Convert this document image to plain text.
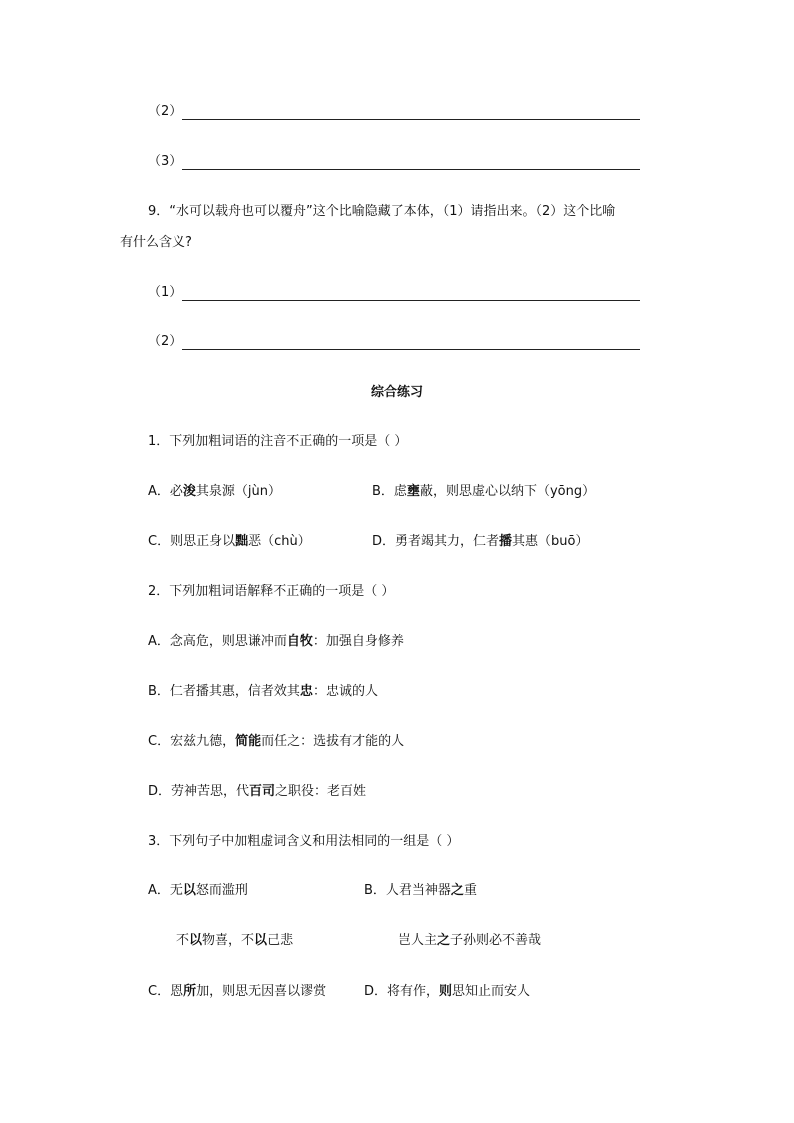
（2）
（3）
9．“水可以载舟也可以覆舟”这个比喻隐藏了本体，（1）请指出来。（2）这个比喻
有什么含义?
（1）
（2）
综合练习
1．下列加粗词语的注音不正确的一项是（ ）
A．必浚其泉源（jùn）	B．虑壅蔽，则思虚心以纳下（yōng）
C．则思正身以黜恶（chù）	D．勇者竭其力，仁者播其惠（buō）
2．下列加粗词语解释不正确的一项是（ ）
A．念高危，则思谦冲而自牧：加强自身修养
B．仁者播其惠，信者效其忠：忠诚的人
C．宏兹九德，简能而任之：选拔有才能的人
D．劳神苦思，代百司之职役：老百姓
3．下列句子中加粗虚词含义和用法相同的一组是（ ）
A．无以怒而滥刑	B．人君当神器之重
不以物喜，不以己悲	岂人主之子孙则必不善哉
C．恩所加，则思无因喜以谬赏	D．将有作，则思知止而安人
